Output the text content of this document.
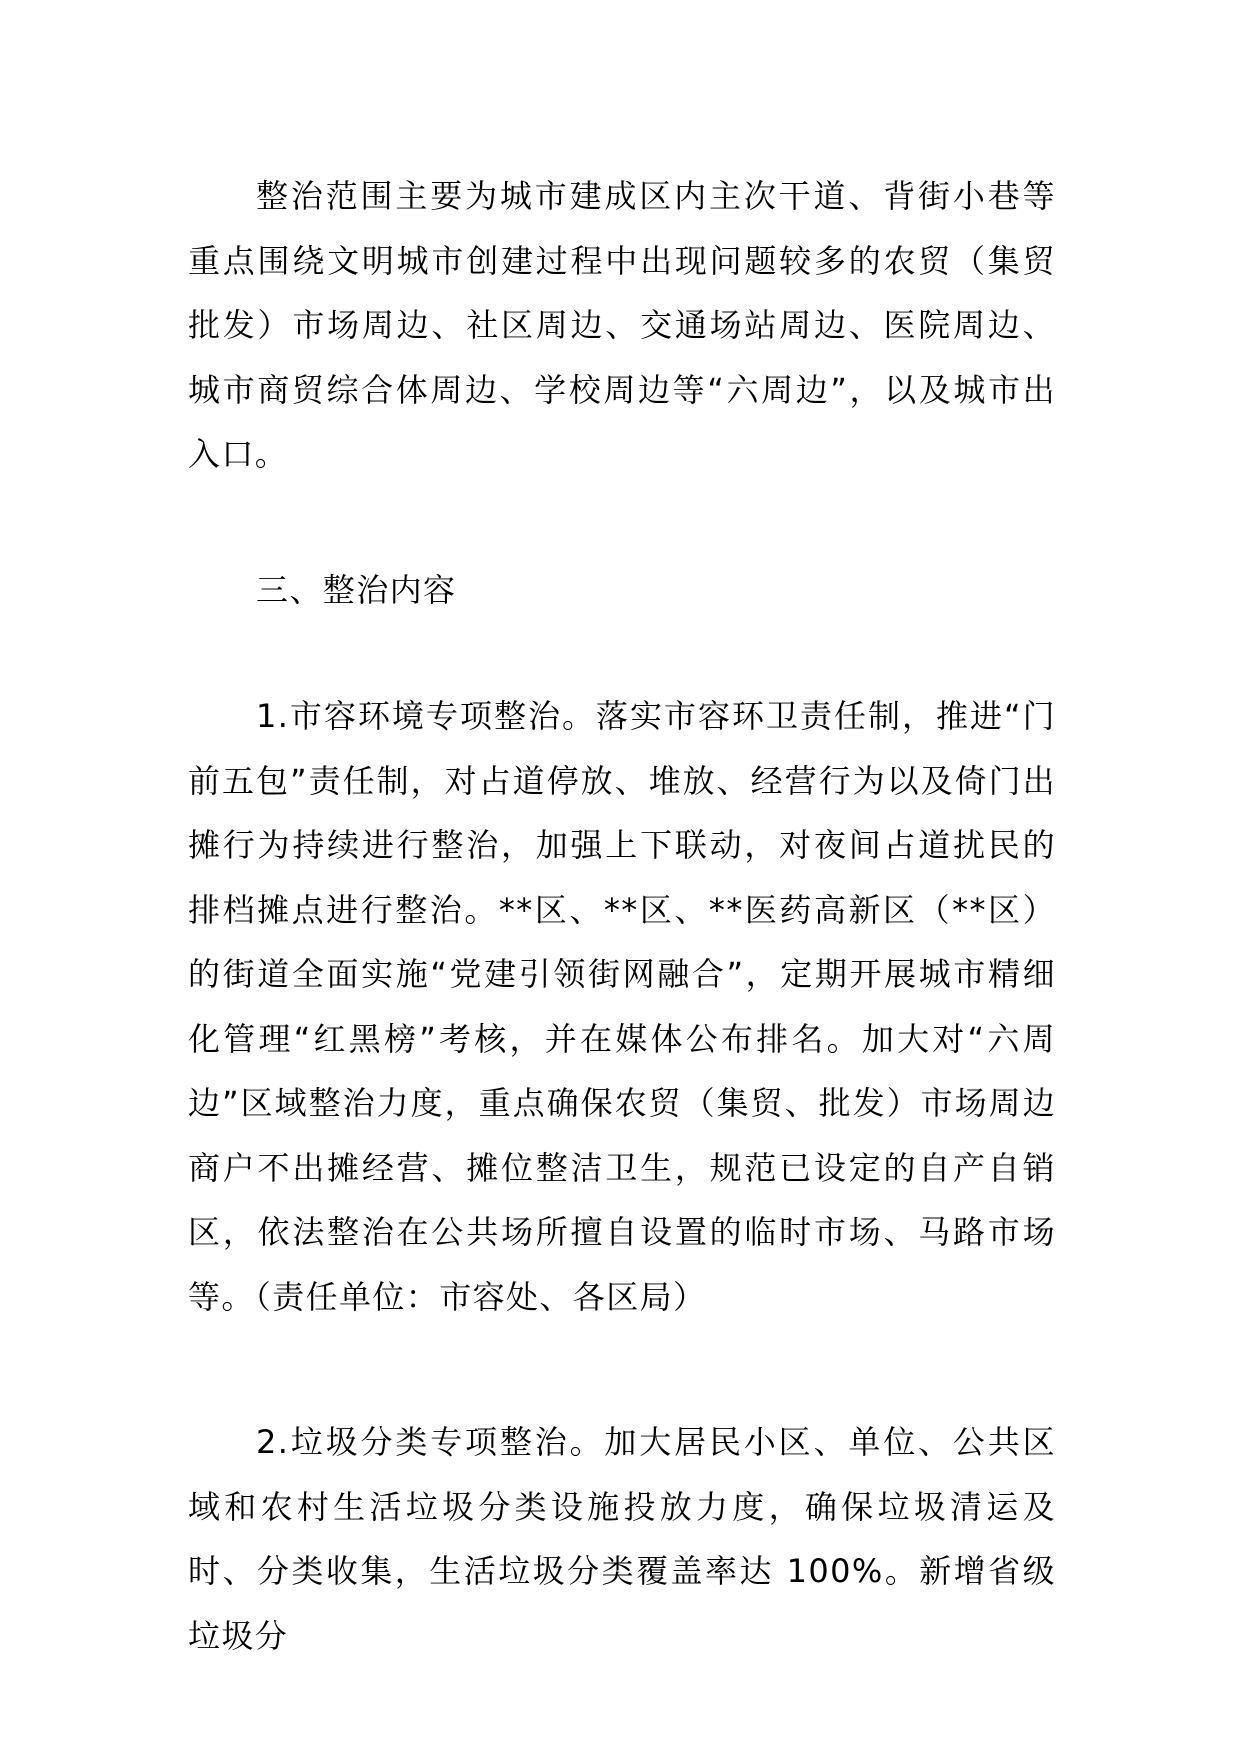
整治范围主要为城市建成区内主次干道、背街小巷等重点围绕文明城市创建过程中出现问题较多的农贸（集贸批发）市场周边、社区周边、交通场站周边、医院周边、城市商贸综合体周边、学校周边等“六周边”，以及城市出入口。

三、整治内容

1.市容环境专项整治。落实市容环卫责任制，推进“门前五包”责任制，对占道停放、堆放、经营行为以及倚门出摊行为持续进行整治，加强上下联动，对夜间占道扰民的排档摊点进行整治。**区、**区、**医药高新区（**区）的街道全面实施“党建引领街网融合”，定期开展城市精细化管理“红黑榜”考核，并在媒体公布排名。加大对“六周边”区域整治力度，重点确保农贸（集贸、批发）市场周边商户不出摊经营、摊位整洁卫生，规范已设定的自产自销区，依法整治在公共场所擅自设置的临时市场、马路市场等。（责任单位：市容处、各区局）

2.垃圾分类专项整治。加大居民小区、单位、公共区域和农村生活垃圾分类设施投放力度，确保垃圾清运及时、分类收集，生活垃圾分类覆盖率达 100%。新增省级垃圾分
